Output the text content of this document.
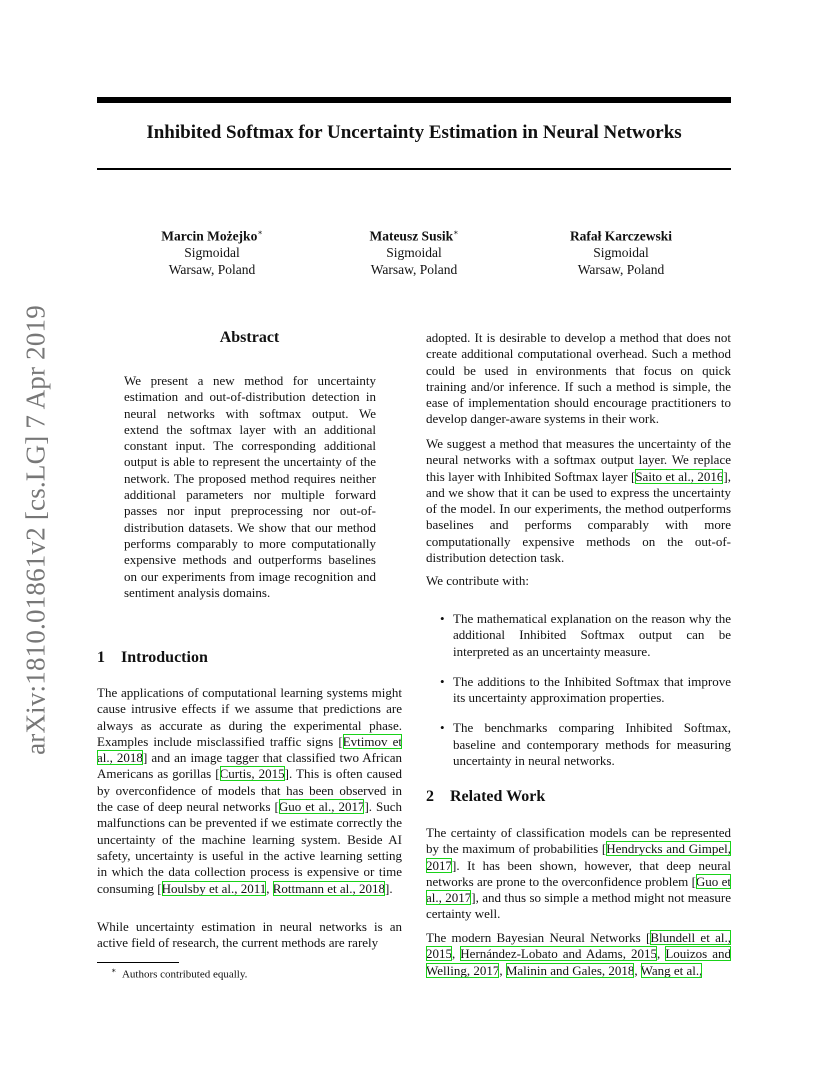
arXiv:1810.01861v2 [cs.LG] 7 Apr 2019
Inhibited Softmax for Uncertainty Estimation in Neural Networks
Marcin Możejko∗
Sigmoidal
Warsaw, Poland
Mateusz Susik∗
Sigmoidal
Warsaw, Poland
Rafał Karczewski
Sigmoidal
Warsaw, Poland
Abstract

We present a new method for uncertainty estimation and out-of-distribution detection in neural networks with softmax output. We extend the softmax layer with an additional constant input. The corresponding additional output is able to represent the uncertainty of the network. The proposed method requires neither additional parameters nor multiple forward passes nor input preprocessing nor out-of-distribution datasets. We show that our method performs comparably to more computationally expensive methods and outperforms baselines on our experiments from image recognition and sentiment analysis domains.

1 Introduction

The applications of computational learning systems might cause intrusive effects if we assume that predictions are always as accurate as during the experimental phase. Examples include misclassified traffic signs [Evtimov et al., 2018] and an image tagger that classified two African Americans as gorillas [Curtis, 2015]. This is often caused by overconfidence of models that has been observed in the case of deep neural networks [Guo et al., 2017]. Such malfunctions can be prevented if we estimate correctly the uncertainty of the machine learning system. Beside AI safety, uncertainty is useful in the active learning setting in which the data collection process is expensive or time consuming [Houlsby et al., 2011, Rottmann et al., 2018].

While uncertainty estimation in neural networks is an active field of research, the current methods are rarely

∗ Authors contributed equally.

adopted. It is desirable to develop a method that does not create additional computational overhead. Such a method could be used in environments that focus on quick training and/or inference. If such a method is simple, the ease of implementation should encourage practitioners to develop danger-aware systems in their work.

We suggest a method that measures the uncertainty of the neural networks with a softmax output layer. We replace this layer with Inhibited Softmax layer [Saito et al., 2016], and we show that it can be used to express the uncertainty of the model. In our experiments, the method outperforms baselines and performs comparably with more computationally expensive methods on the out-of-distribution detection task.

We contribute with:

• The mathematical explanation on the reason why the additional Inhibited Softmax output can be interpreted as an uncertainty measure.
• The additions to the Inhibited Softmax that improve its uncertainty approximation properties.
• The benchmarks comparing Inhibited Softmax, baseline and contemporary methods for measuring uncertainty in neural networks.
2 Related Work

The certainty of classification models can be represented by the maximum of probabilities [Hendrycks and Gimpel, 2017]. It has been shown, however, that deep neural networks are prone to the overconfidence problem [Guo et al., 2017], and thus so simple a method might not measure certainty well.

The modern Bayesian Neural Networks [Blundell et al., 2015, Hernández-Lobato and Adams, 2015, Louizos and Welling, 2017, Malinin and Gales, 2018, Wang et al.,
